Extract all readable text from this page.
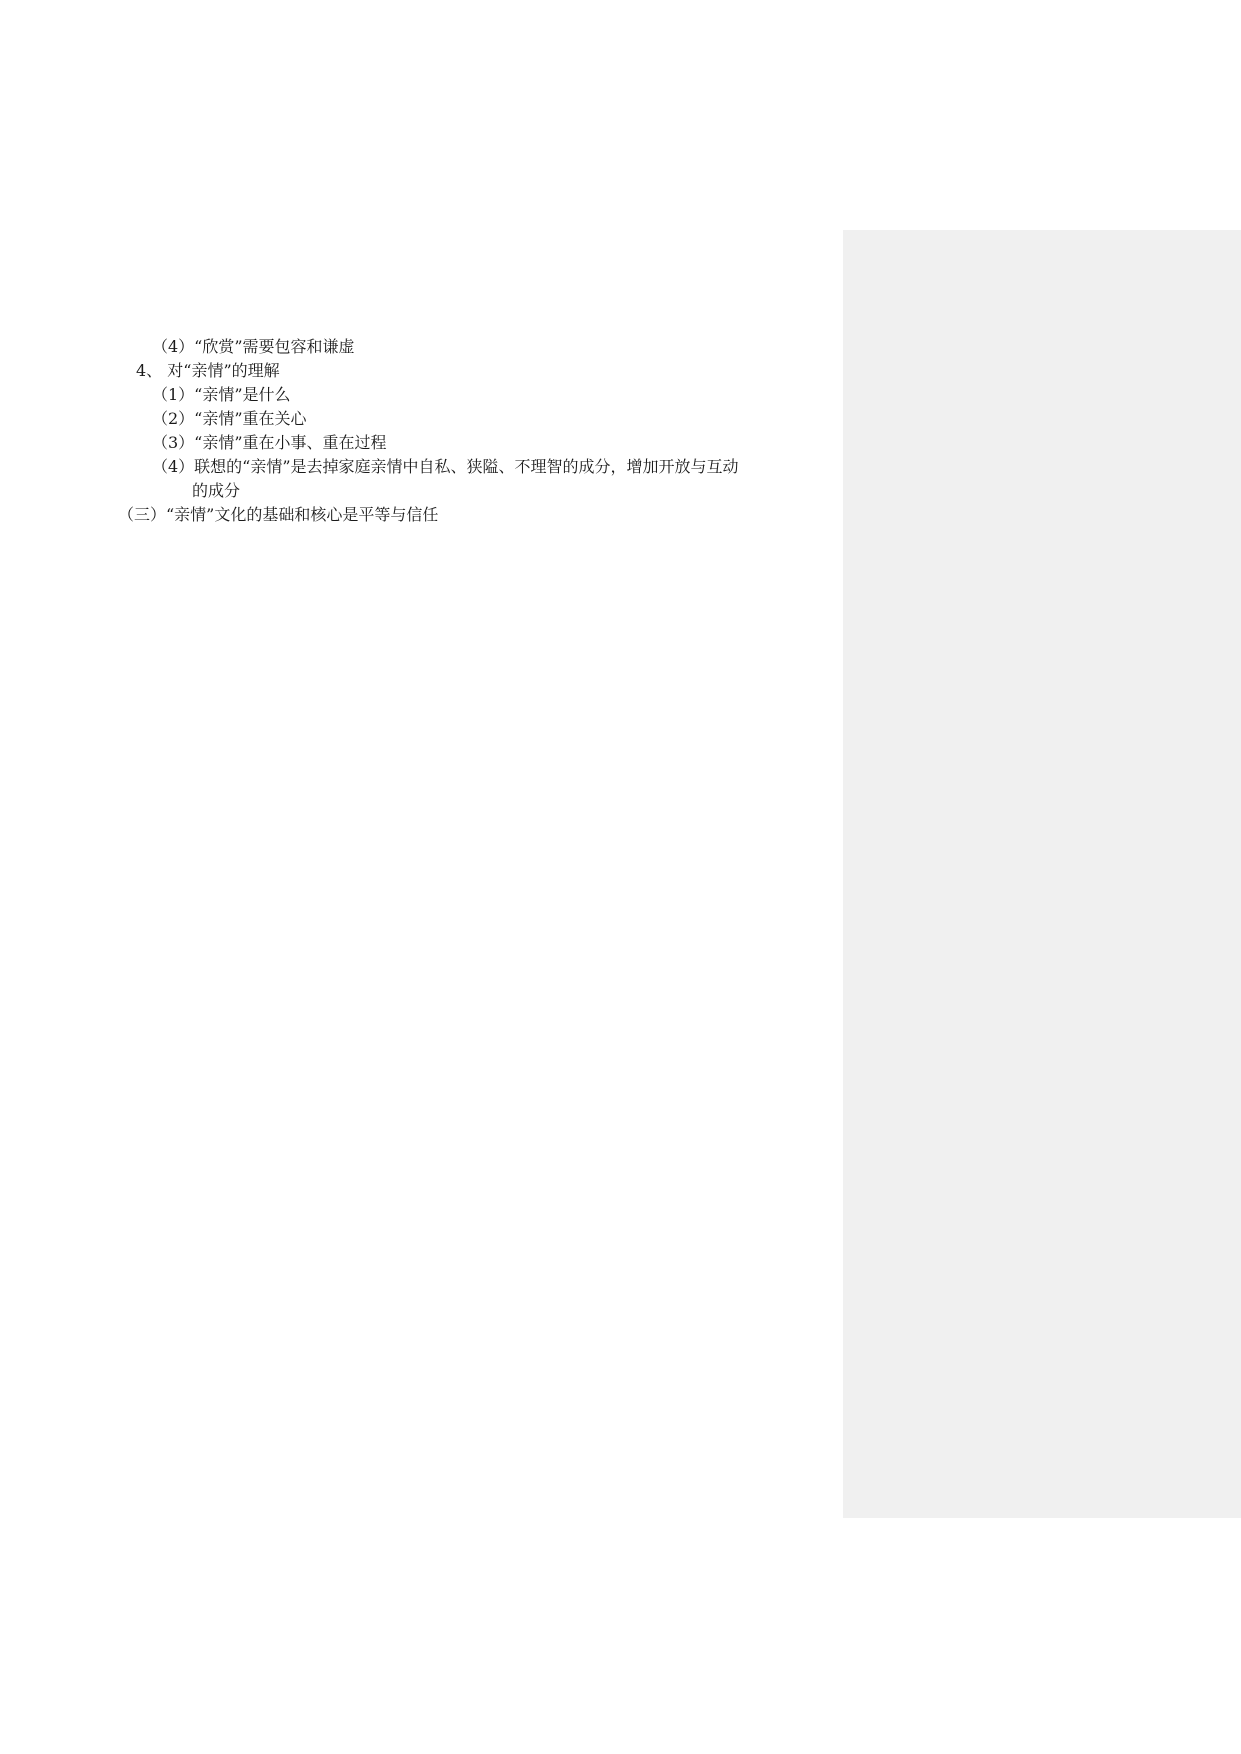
（4）“欣赏”需要包容和谦虚
4、 对“亲情”的理解
（1）“亲情”是什么
（2）“亲情”重在关心
（3）“亲情”重在小事、重在过程
（4）联想的“亲情”是去掉家庭亲情中自私、狭隘、不理智的成分，增加开放与互动
的成分
（三）“亲情”文化的基础和核心是平等与信任
